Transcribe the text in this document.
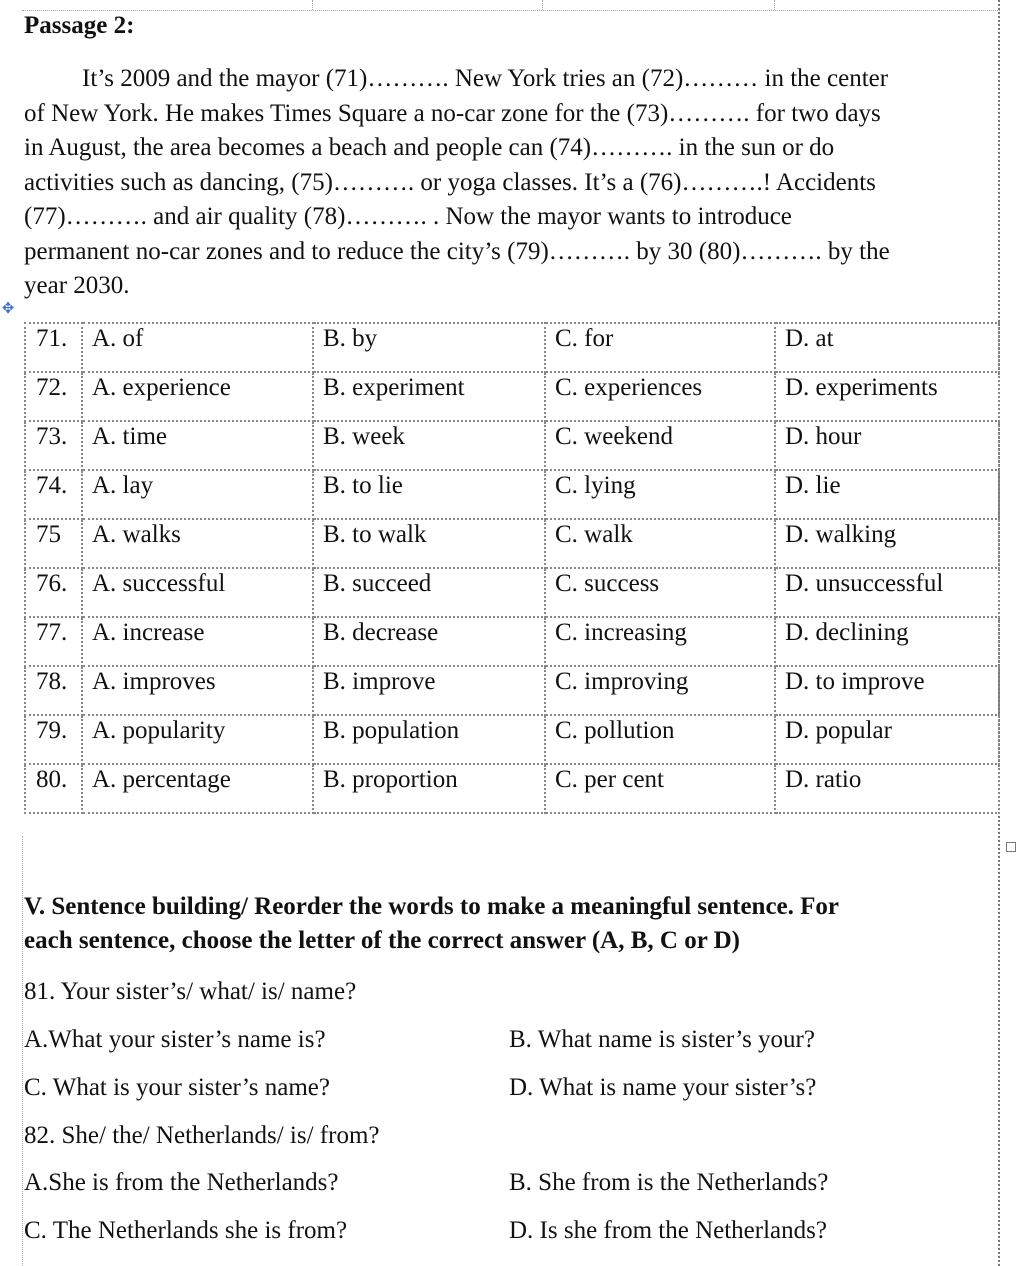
✥
Passage 2:
It’s 2009 and the mayor (71)………. New York tries an (72)……… in the center
of New York. He makes Times Square a no-car zone for the (73)………. for two days
in August, the area becomes a beach and people can (74)………. in the sun or do
activities such as dancing, (75)………. or yoga classes. It’s a (76)……….! Accidents
(77)………. and air quality (78)………. . Now the mayor wants to introduce
permanent no-car zones and to reduce the city’s (79)………. by 30 (80)………. by the
year 2030.
71.	A. of	B. by	C. for	D. at

72.	A. experience	B. experiment	C. experiences	D. experiments

73.	A. time	B. week	C. weekend	D. hour

74.	A. lay	B. to lie	C. lying	D. lie

75	A. walks	B. to walk	C. walk	D. walking

76.	A. successful	B. succeed	C. success	D. unsuccessful

77.	A. increase	B. decrease	C. increasing	D. declining

78.	A. improves	B. improve	C. improving	D. to improve

79.	A. popularity	B. population	C. pollution	D. popular

80.	A. percentage	B. proportion	C. per cent	D. ratio
V. Sentence building/ Reorder the words to make a meaningful sentence. For
each sentence, choose the letter of the correct answer (A, B, C or D)
81. Your sister’s/ what/ is/ name?
A.What your sister’s name is?	B. What name is sister’s your?
C. What is your sister’s name?	D. What is name your sister’s?
82. She/ the/ Netherlands/ is/ from?
A.She is from the Netherlands?	B. She from is the Netherlands?
C. The Netherlands she is from?	D. Is she from the Netherlands?
